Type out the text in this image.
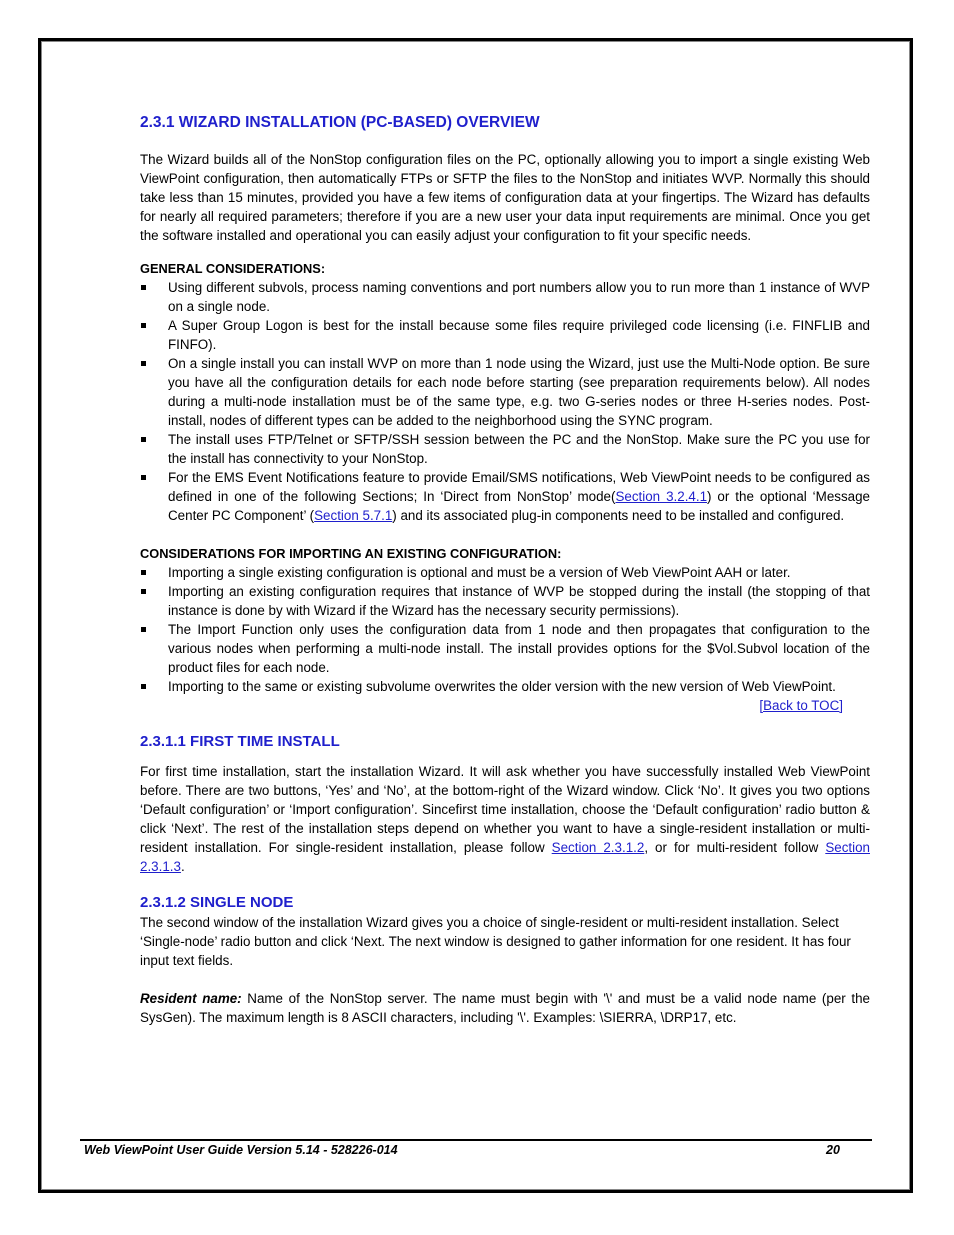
2.3.1 WIZARD INSTALLATION (PC-BASED) OVERVIEW

The Wizard builds all of the NonStop configuration files on the PC, optionally allowing you to import a single existing Web ViewPoint configuration, then automatically FTPs or SFTP the files to the NonStop and initiates WVP. Normally this should take less than 15 minutes, provided you have a few items of configuration data at your fingertips. The Wizard has defaults for nearly all required parameters; therefore if you are a new user your data input requirements are minimal. Once you get the software installed and operational you can easily adjust your configuration to fit your specific needs.

GENERAL CONSIDERATIONS:

Using different subvols, process naming conventions and port numbers allow you to run more than 1 instance of WVP on a single node.
A Super Group Logon is best for the install because some files require privileged code licensing (i.e. FINFLIB and FINFO).
On a single install you can install WVP on more than 1 node using the Wizard, just use the Multi-Node option. Be sure you have all the configuration details for each node before starting (see preparation requirements below). All nodes during a multi-node installation must be of the same type, e.g. two G-series nodes or three H-series nodes. Post-install, nodes of different types can be added to the neighborhood using the SYNC program.
The install uses FTP/Telnet or SFTP/SSH session between the PC and the NonStop. Make sure the PC you use for the install has connectivity to your NonStop.
For the EMS Event Notifications feature to provide Email/SMS notifications, Web ViewPoint needs to be configured as defined in one of the following Sections; In ‘Direct from NonStop’ mode(Section 3.2.4.1) or the optional ‘Message Center PC Component’ (Section 5.7.1) and its associated plug-in components need to be installed and configured.

CONSIDERATIONS FOR IMPORTING AN EXISTING CONFIGURATION:

Importing a single existing configuration is optional and must be a version of Web ViewPoint AAH or later.
Importing an existing configuration requires that instance of WVP be stopped during the install (the stopping of that instance is done by with Wizard if the Wizard has the necessary security permissions).
The Import Function only uses the configuration data from 1 node and then propagates that configuration to the various nodes when performing a multi-node install. The install provides options for the $Vol.Subvol location of the product files for each node.
Importing to the same or existing subvolume overwrites the older version with the new version of Web ViewPoint.
[Back to TOC]
2.3.1.1 FIRST TIME INSTALL

For first time installation, start the installation Wizard. It will ask whether you have successfully installed Web ViewPoint before. There are two buttons, ‘Yes’ and ‘No’, at the bottom-right of the Wizard window. Click ‘No’. It gives you two options ‘Default configuration’ or ‘Import configuration’. Sincefirst time installation, choose the ‘Default configuration’ radio button & click ‘Next’. The rest of the installation steps depend on whether you want to have a single-resident installation or multi-resident installation. For single-resident installation, please follow Section 2.3.1.2, or for multi-resident follow Section 2.3.1.3.

2.3.1.2 SINGLE NODE

The second window of the installation Wizard gives you a choice of single-resident or multi-resident installation. Select ‘Single-node’ radio button and click ‘Next. The next window is designed to gather information for one resident. It has four input text fields.

Resident name: Name of the NonStop server. The name must begin with '\' and must be a valid node name (per the SysGen). The maximum length is 8 ASCII characters, including '\'. Examples: \SIERRA, \DRP17, etc.

Web ViewPoint User Guide Version 5.14 - 528226-014	20
